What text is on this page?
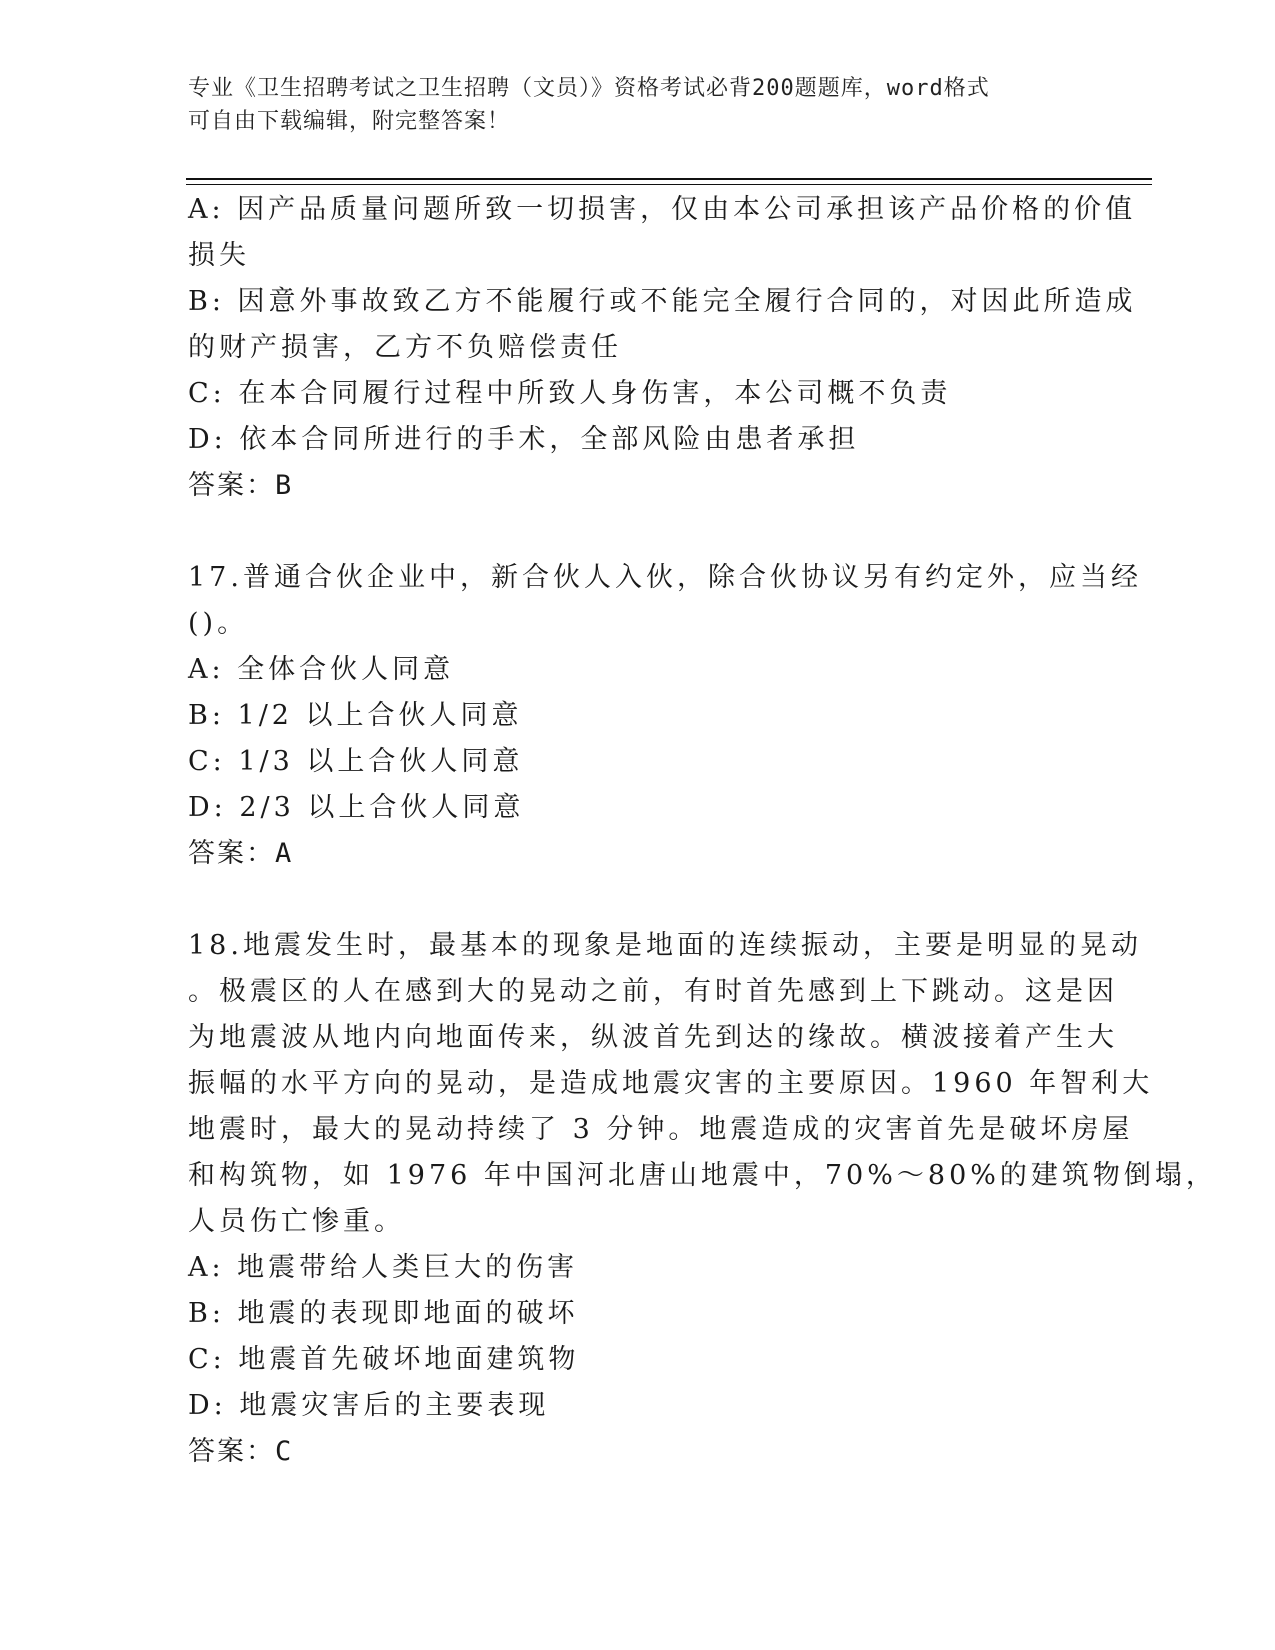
专业《卫生招聘考试之卫生招聘（文员）》资格考试必背200题题库，word格式
可自由下载编辑，附完整答案！
A: 因产品质量问题所致一切损害，仅由本公司承担该产品价格的价值
损失
B: 因意外事故致乙方不能履行或不能完全履行合同的，对因此所造成
的财产损害，乙方不负赔偿责任
C: 在本合同履行过程中所致人身伤害，本公司概不负责
D: 依本合同所进行的手术，全部风险由患者承担
答案：B
17.普通合伙企业中，新合伙人入伙，除合伙协议另有约定外，应当经
()。
A: 全体合伙人同意
B: 1/2 以上合伙人同意
C: 1/3 以上合伙人同意
D: 2/3 以上合伙人同意
答案：A
18.地震发生时，最基本的现象是地面的连续振动，主要是明显的晃动
。极震区的人在感到大的晃动之前，有时首先感到上下跳动。这是因
为地震波从地内向地面传来，纵波首先到达的缘故。横波接着产生大
振幅的水平方向的晃动，是造成地震灾害的主要原因。1960 年智利大
地震时，最大的晃动持续了 3 分钟。地震造成的灾害首先是破坏房屋
和构筑物，如 1976 年中国河北唐山地震中，70%～80%的建筑物倒塌，
人员伤亡惨重。
A: 地震带给人类巨大的伤害
B: 地震的表现即地面的破坏
C: 地震首先破坏地面建筑物
D: 地震灾害后的主要表现
答案：C
